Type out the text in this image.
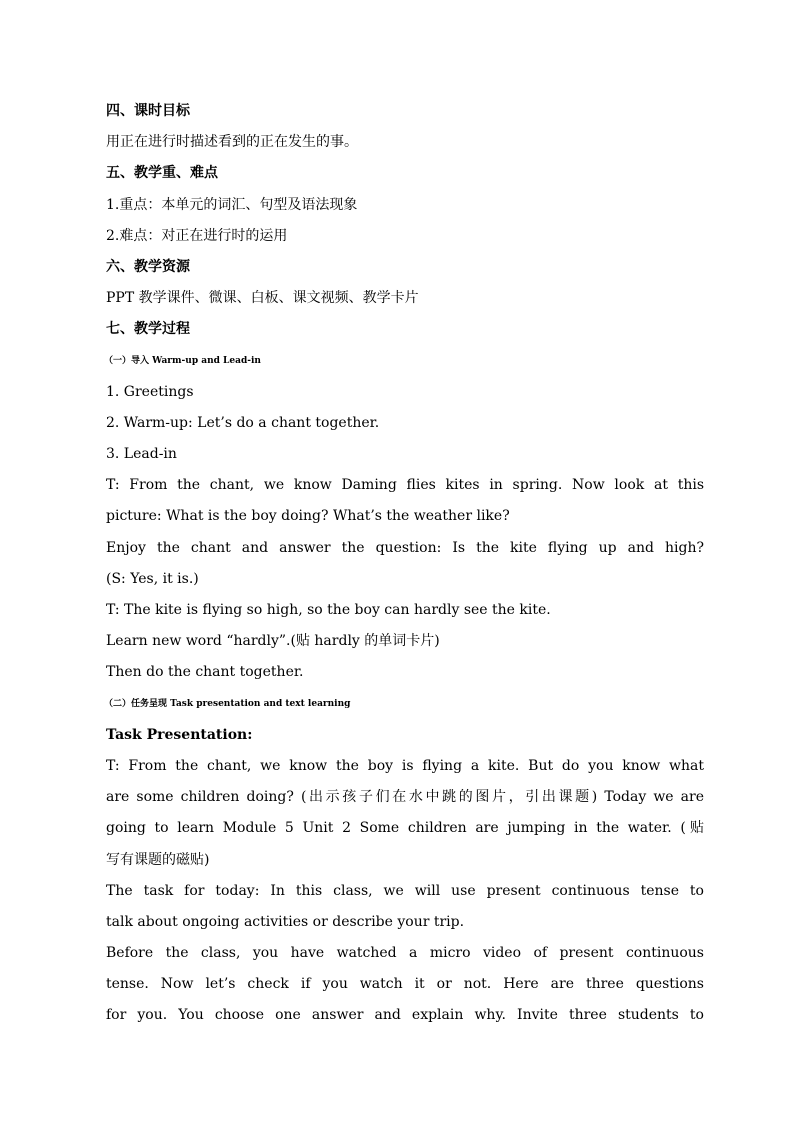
四、课时目标
用正在进行时描述看到的正在发生的事。
五、教学重、难点
1.重点：本单元的词汇、句型及语法现象
2.难点：对正在进行时的运用
六、教学资源
PPT 教学课件、微课、白板、课文视频、教学卡片
七、教学过程
（一）导入 Warm-up and Lead-in
1. Greetings
2. Warm-up: Let’s do a chant together.
3. Lead-in
T: From the chant, we know Daming flies kites in spring. Now look at this
picture: What is the boy doing? What’s the weather like?
Enjoy the chant and answer the question: Is the kite flying up and high?
(S: Yes, it is.)
T: The kite is flying so high, so the boy can hardly see the kite.
Learn new word “hardly”.(贴 hardly 的单词卡片)
Then do the chant together.
（二）任务呈现 Task presentation and text learning
Task Presentation:
T: From the chant, we know the boy is flying a kite. But do you know what
are some children doing? (出示孩子们在水中跳的图片，引出课题) Today we are
going to learn Module 5 Unit 2 Some children are jumping in the water. (贴
写有课题的磁贴)
The task for today: In this class, we will use present continuous tense to
talk about ongoing activities or describe your trip.
Before the class, you have watched a micro video of present continuous
tense. Now let’s check if you watch it or not. Here are three questions
for you. You choose one answer and explain why. Invite three students to
